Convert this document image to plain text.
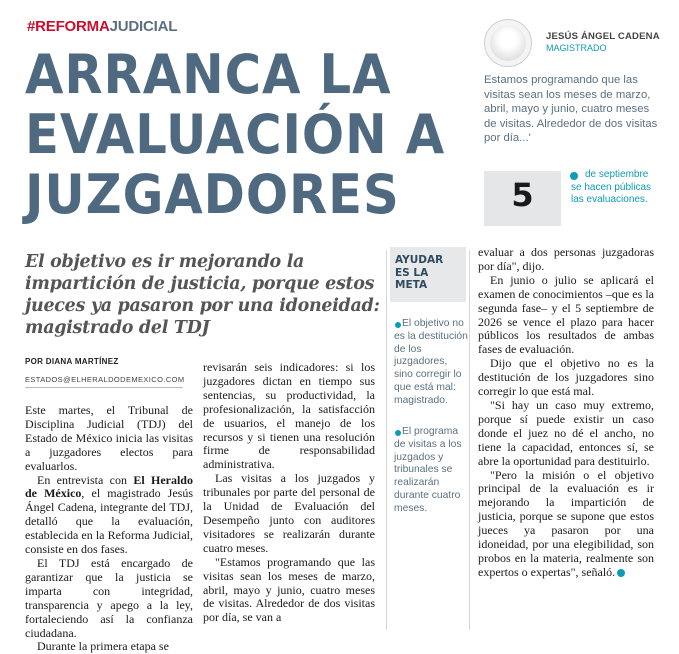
#REFORMAJUDICIAL
ARRANCA LA
EVALUACIÓN A
JUZGADORES
El objetivo es ir mejorando la impartición de justicia, porque estos jueces ya pasaron por una idoneidad: magistrado del TDJ
POR DIANA MARTÍNEZ
ESTADOS@ELHERALDODEMEXICO.COM

Este martes, el Tribunal de Disciplina Judicial (TDJ) del Estado de México inicia las visitas a juzgadores electos para evaluarlos.

En entrevista con El Heraldo de México, el magistrado Jesús Ángel Cadena, integrante del TDJ, detalló que la evaluación, establecida en la Reforma Judicial, consiste en dos fases.

El TDJ está encargado de garantizar que la justicia se imparta con integridad, transparencia y apego a la ley, fortaleciendo así la confianza ciudadana.

Durante la primera etapa se

revisarán seis indicadores: si los juzgadores dictan en tiempo sus sentencias, su productividad, la profesionalización, la satisfacción de usuarios, el manejo de los recursos y si tienen una resolución firme de responsabilidad administrativa.

Las visitas a los juzgados y tribunales por parte del personal de la Unidad de Evaluación del Desempeño junto con auditores visitadores se realizarán durante cuatro meses.

"Estamos programando que las visitas sean los meses de marzo, abril, mayo y junio, cuatro meses de visitas. Alrededor de dos visitas por día, se van a

AYUDAR ES LA META
El objetivo no es la destitución de los juzgadores, sino corregir lo que está mal: magistrado.
El programa de visitas a los juzgados y tribunales se realizarán durante cuatro meses.

evaluar a dos personas juzgadoras por día", dijo.

En junio o julio se aplicará el examen de conocimientos –que es la segunda fase– y el 5 septiembre de 2026 se vence el plazo para hacer públicos los resultados de ambas fases de evaluación.

Dijo que el objetivo no es la destitución de los juzgadores sino corregir lo que está mal.

"Si hay un caso muy extremo, porque sí puede existir un caso donde el juez no dé el ancho, no tiene la capacidad, entonces sí, se abre la oportunidad para destituirlo.

"Pero la misión o el objetivo principal de la evaluación es ir mejorando la impartición de justicia, porque se supone que estos jueces ya pasaron por una idoneidad, por una elegibilidad, son probos en la materia, realmente son expertos o expertas", señaló.

JESÚS ÁNGEL CADENA
MAGISTRADO
Estamos programando que las visitas sean los meses de marzo, abril, mayo y junio, cuatro meses de visitas. Alrededor de dos visitas por día...'
5
de septiembre se hacen públicas las evaluaciones.
